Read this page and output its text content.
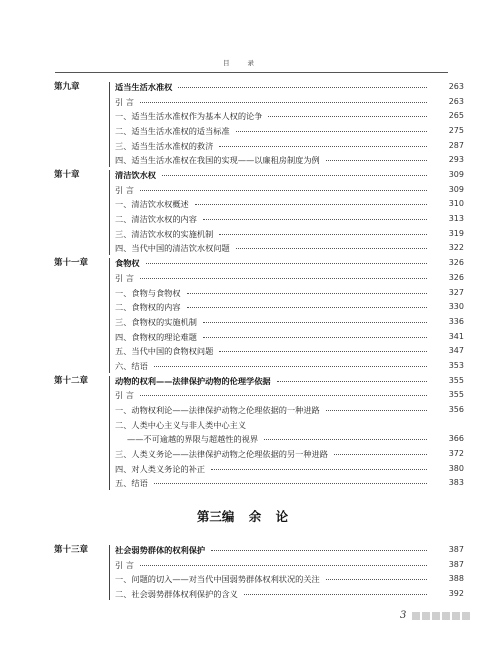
目 录
第九章	适当生活水准权	263
引 言	263
一、适当生活水准权作为基本人权的论争	265
二、适当生活水准权的适当标准	275
三、适当生活水准权的救济	287
四、适当生活水准权在我国的实现——以廉租房制度为例	293
第十章	清洁饮水权	309
引 言	309
一、清洁饮水权概述	310
二、清洁饮水权的内容	313
三、清洁饮水权的实施机制	319
四、当代中国的清洁饮水权问题	322
第十一章	食物权	326
引 言	326
一、食物与食物权	327
二、食物权的内容	330
三、食物权的实施机制	336
四、食物权的理论难题	341
五、当代中国的食物权问题	347
六、结语	353
第十二章	动物的权利——法律保护动物的伦理学依据	355
引 言	355
一、动物权利论——法律保护动物之伦理依据的一种进路	356
二、人类中心主义与非人类中心主义
——不可逾越的界限与超越性的视界	366
三、人类义务论——法律保护动物之伦理依据的另一种进路	372
四、对人类义务论的补正	380
五、结语	383
第三编 余 论
第十三章	社会弱势群体的权利保护	387
引 言	387
一、问题的切入——对当代中国弱势群体权利状况的关注	388
二、社会弱势群体权利保护的含义	392
3
